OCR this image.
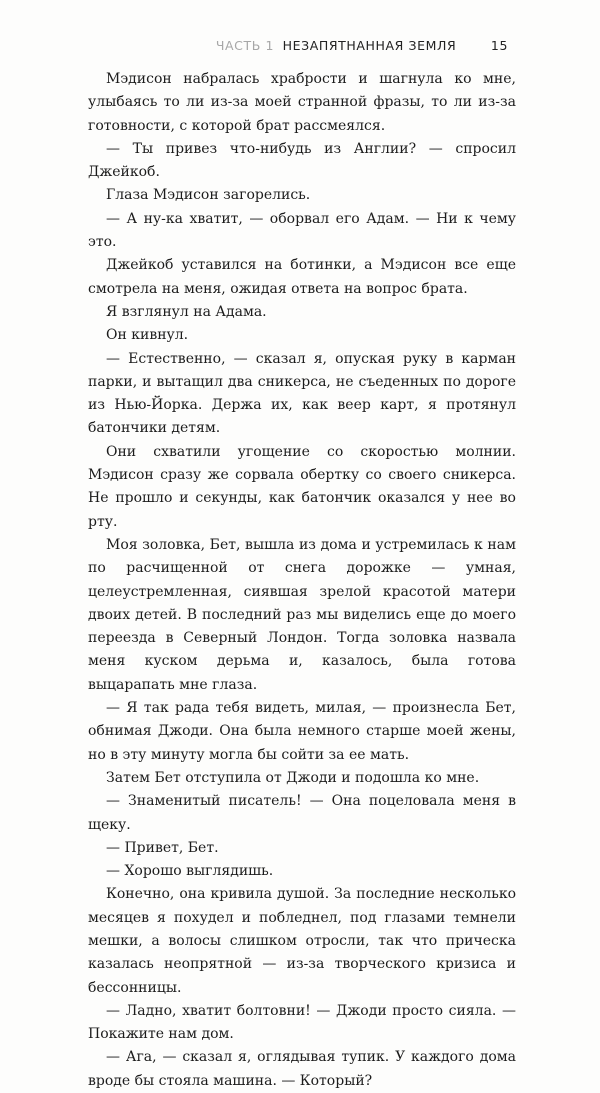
ЧАСТЬ 1 НЕЗАПЯТНАННАЯ ЗЕМЛЯ	15

Мэдисон набралась храбрости и шагнула ко мне, улыбаясь то ли из-за моей странной фразы, то ли из-за готовности, с которой брат рассмеялся.

— Ты привез что-нибудь из Англии? — спросил Джейкоб.

Глаза Мэдисон загорелись.

— А ну-ка хватит, — оборвал его Адам. — Ни к чему это.

Джейкоб уставился на ботинки, а Мэдисон все еще смотрела на меня, ожидая ответа на вопрос брата.

Я взглянул на Адама.

Он кивнул.

— Естественно, — сказал я, опуская руку в карман парки, и вытащил два сникерса, не съеденных по дороге из Нью-Йорка. Держа их, как веер карт, я протянул батончики детям.

Они схватили угощение со скоростью молнии. Мэдисон сразу же сорвала обертку со своего сникерса. Не прошло и секунды, как батончик оказался у нее во рту.

Моя золовка, Бет, вышла из дома и устремилась к нам по расчищенной от снега дорожке — умная, целеустремленная, сиявшая зрелой красотой матери двоих детей. В последний раз мы виделись еще до моего переезда в Северный Лондон. Тогда золовка назвала меня куском дерьма и, казалось, была готова выцарапать мне глаза.

— Я так рада тебя видеть, милая, — произнесла Бет, обнимая Джоди. Она была немного старше моей жены, но в эту минуту могла бы сойти за ее мать.

Затем Бет отступила от Джоди и подошла ко мне.

— Знаменитый писатель! — Она поцеловала меня в щеку.

— Привет, Бет.

— Хорошо выглядишь.

Конечно, она кривила душой. За последние несколько месяцев я похудел и побледнел, под глазами темнели мешки, а волосы слишком отросли, так что прическа казалась неопрятной — из-за творческого кризиса и бессонницы.

— Ладно, хватит болтовни! — Джоди просто сияла. — Покажите нам дом.

— Ага, — сказал я, оглядывая тупик. У каждого дома вроде бы стояла машина. — Который?
